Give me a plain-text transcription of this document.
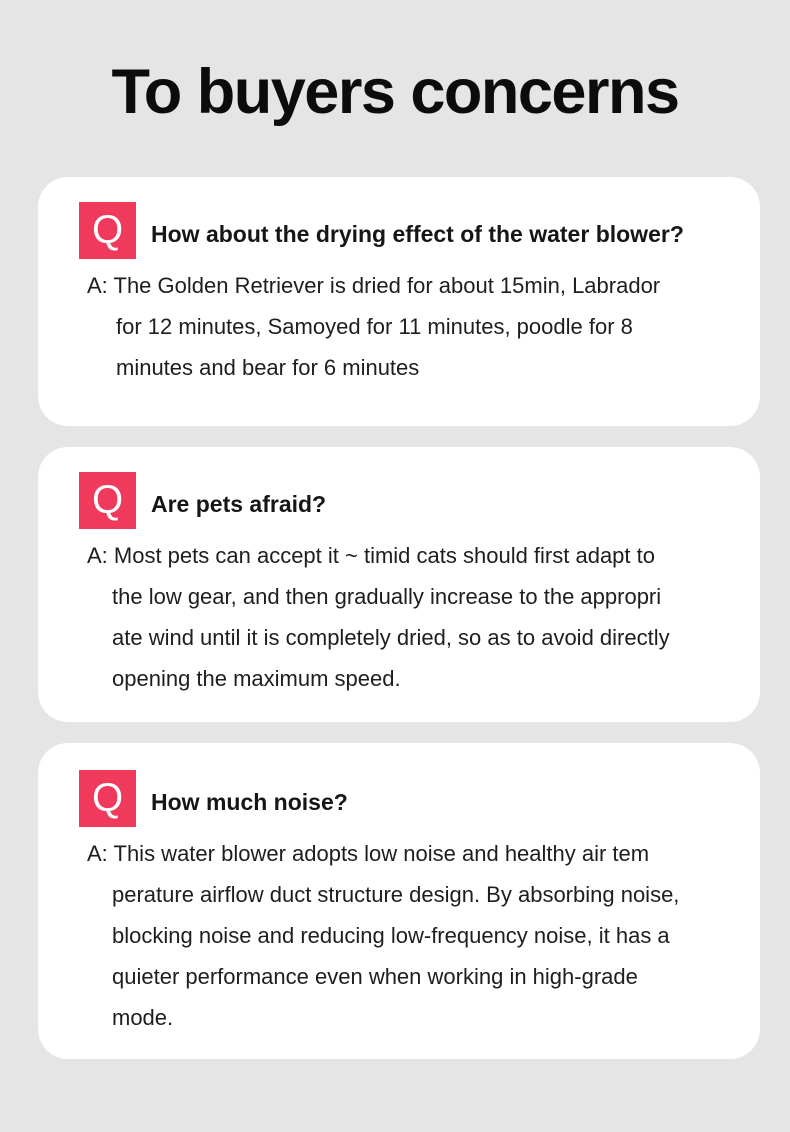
To buyers concerns
Q	How about the drying effect of the water blower?
A: The Golden Retriever is dried for about 15min, Labrador
for 12 minutes, Samoyed for 11 minutes, poodle for 8
minutes and bear for 6 minutes
Q	Are pets afraid?
A: Most pets can accept it ~ timid cats should first adapt to
the low gear, and then gradually increase to the appropri
ate wind until it is completely dried, so as to avoid directly
opening the maximum speed.
Q	How much noise?
A: This water blower adopts low noise and healthy air tem
perature airflow duct structure design. By absorbing noise,
blocking noise and reducing low-frequency noise, it has a
quieter performance even when working in high-grade
mode.
